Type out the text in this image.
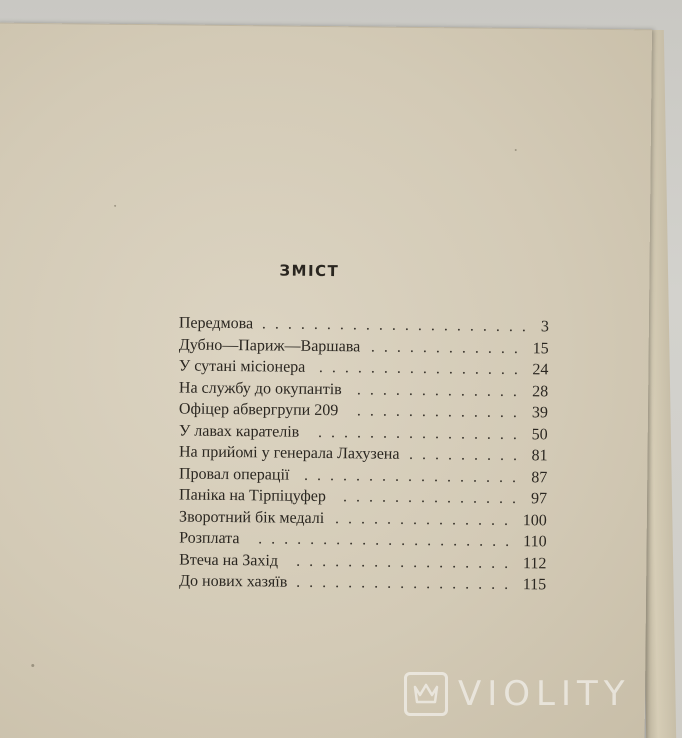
ЗМІСТ
Передмова ..................... 3
Дубно—Париж—Варшава ............ 15
У сутані місіонера ................ 24
На службу до окупантів ............. 28
Офіцер абвергрупи 209 ............. 39
У лавах карателів ................ 50
На прийомі у генерала Лахузена ......... 81
Провал операції ................. 87
Паніка на Тірпіцуфер .............. 97
Зворотний бік медалі .............. 100
Розплата .................... 110
Втеча на Захід ................. 112
До нових хазяїв ................. 115
VIOLITY
